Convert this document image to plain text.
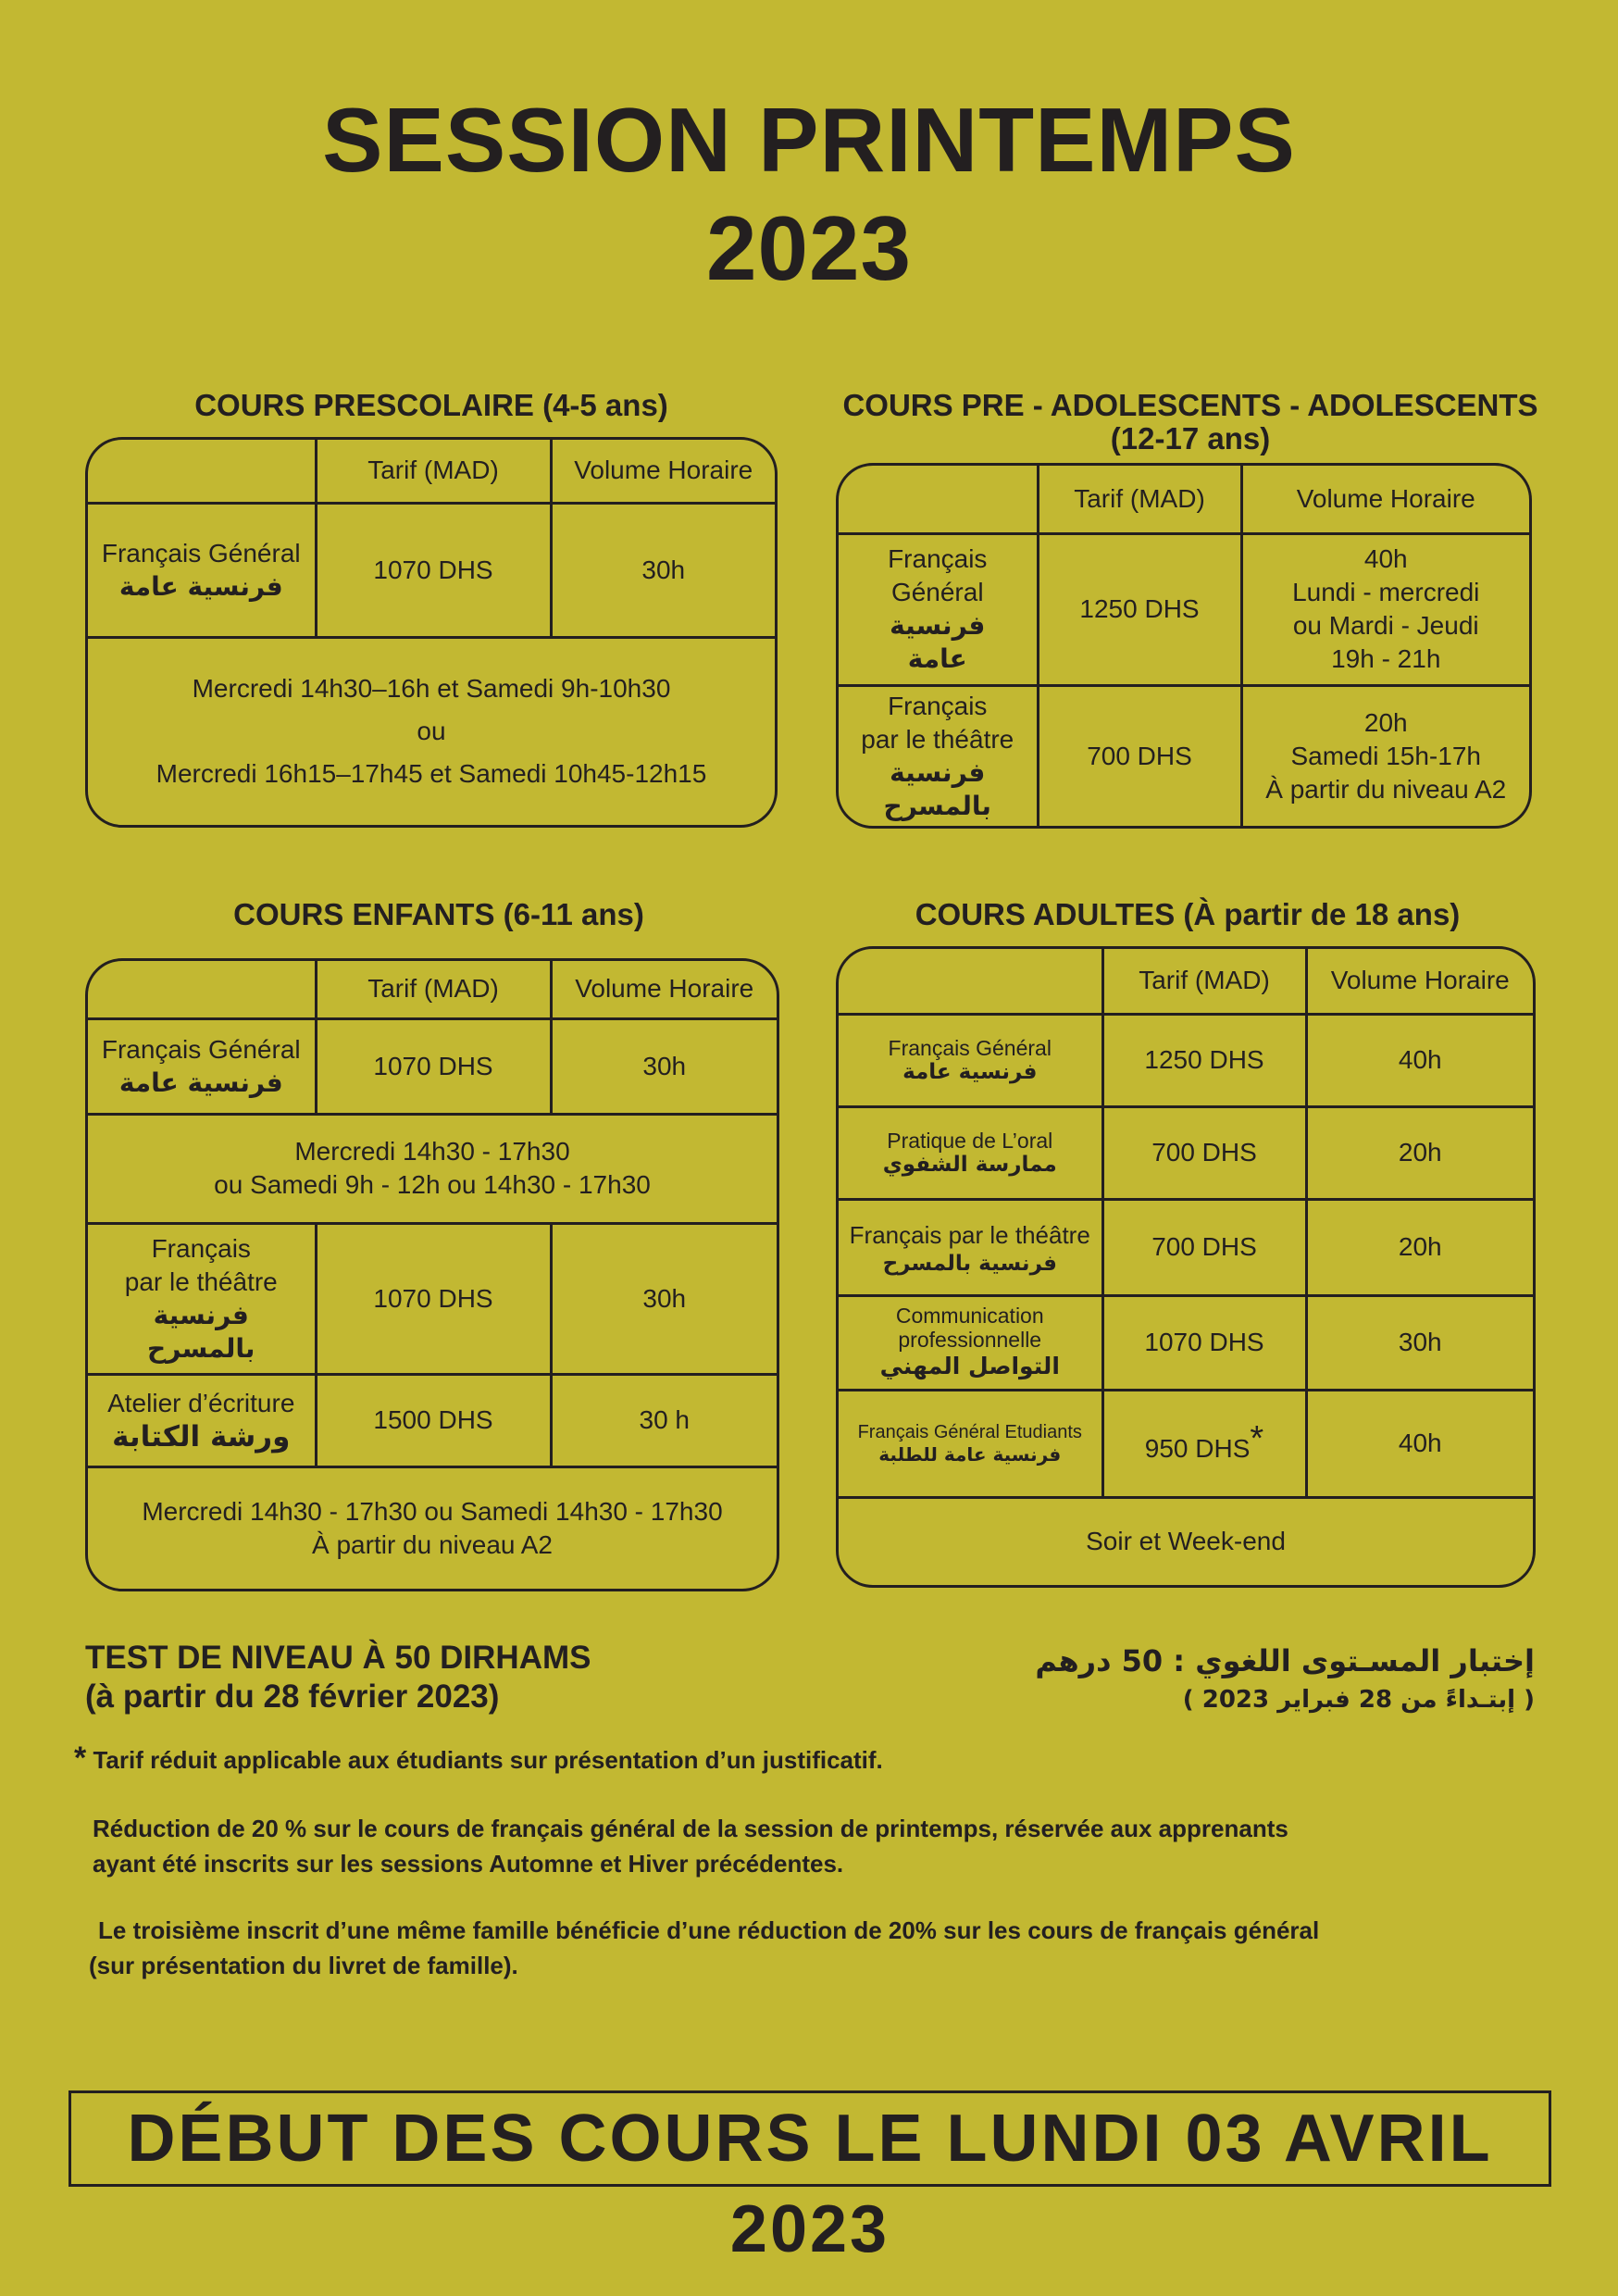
SESSION PRINTEMPS
2023
COURS PRESCOLAIRE (4-5 ans)
	Tarif (MAD)	Volume Horaire

Français Général
فرنسية عامة	1070 DHS	30h

Mercredi 14h30–16h et Samedi 9h-10h30
ou
Mercredi 16h15–17h45 et Samedi 10h45-12h15		
COURS PRE - ADOLESCENTS - ADOLESCENTS
(12-17 ans)
	Tarif (MAD)	Volume Horaire

Français
Général
فرنسية
عامة	1250 DHS	40h
Lundi - mercredi
ou Mardi - Jeudi
19h - 21h

Français
par le théâtre
فرنسية
بالمسرح	700 DHS	20h
Samedi 15h-17h
À partir du niveau A2
COURS ENFANTS (6-11 ans)
	Tarif (MAD)	Volume Horaire

Français Général
فرنسية عامة	1070 DHS	30h

Mercredi 14h30 - 17h30
ou Samedi 9h - 12h ou 14h30 - 17h30		

Français
par le théâtre
فرنسية
بالمسرح	1070 DHS	30h

Atelier d’écriture
ورشة الكتابة	1500 DHS	30 h

Mercredi 14h30 - 17h30 ou Samedi 14h30 - 17h30
À partir du niveau A2		
COURS ADULTES (À partir de 18 ans)
	Tarif (MAD)	Volume Horaire

Français Général
فرنسية عامة	1250 DHS	40h

Pratique de L’oral
ممارسة الشفوي	700 DHS	20h

Français par le théâtre
فرنسية بالمسرح	700 DHS	20h

Communication
professionnelle
التواصل المهني	1070 DHS	30h

Français Général Etudiants
فرنسية عامة للطلبة	950 DHS*	40h
Soir et Week-end		
TEST DE NIVEAU À 50 DIRHAMS
(à partir du 28 février 2023)
إختبار المسـتوى اللغوي : 50 درهم
( إبتـداءً من 28 فبراير 2023 )
* Tarif réduit applicable aux étudiants sur présentation d’un justificatif.
Réduction de 20 % sur le cours de français général de la session de printemps, réservée aux apprenants
ayant été inscrits sur les sessions Automne et Hiver précédentes.
Le troisième inscrit d’une même famille bénéficie d’une réduction de 20% sur les cours de français général
(sur présentation du livret de famille).
DÉBUT DES COURS LE LUNDI 03 AVRIL 2023
